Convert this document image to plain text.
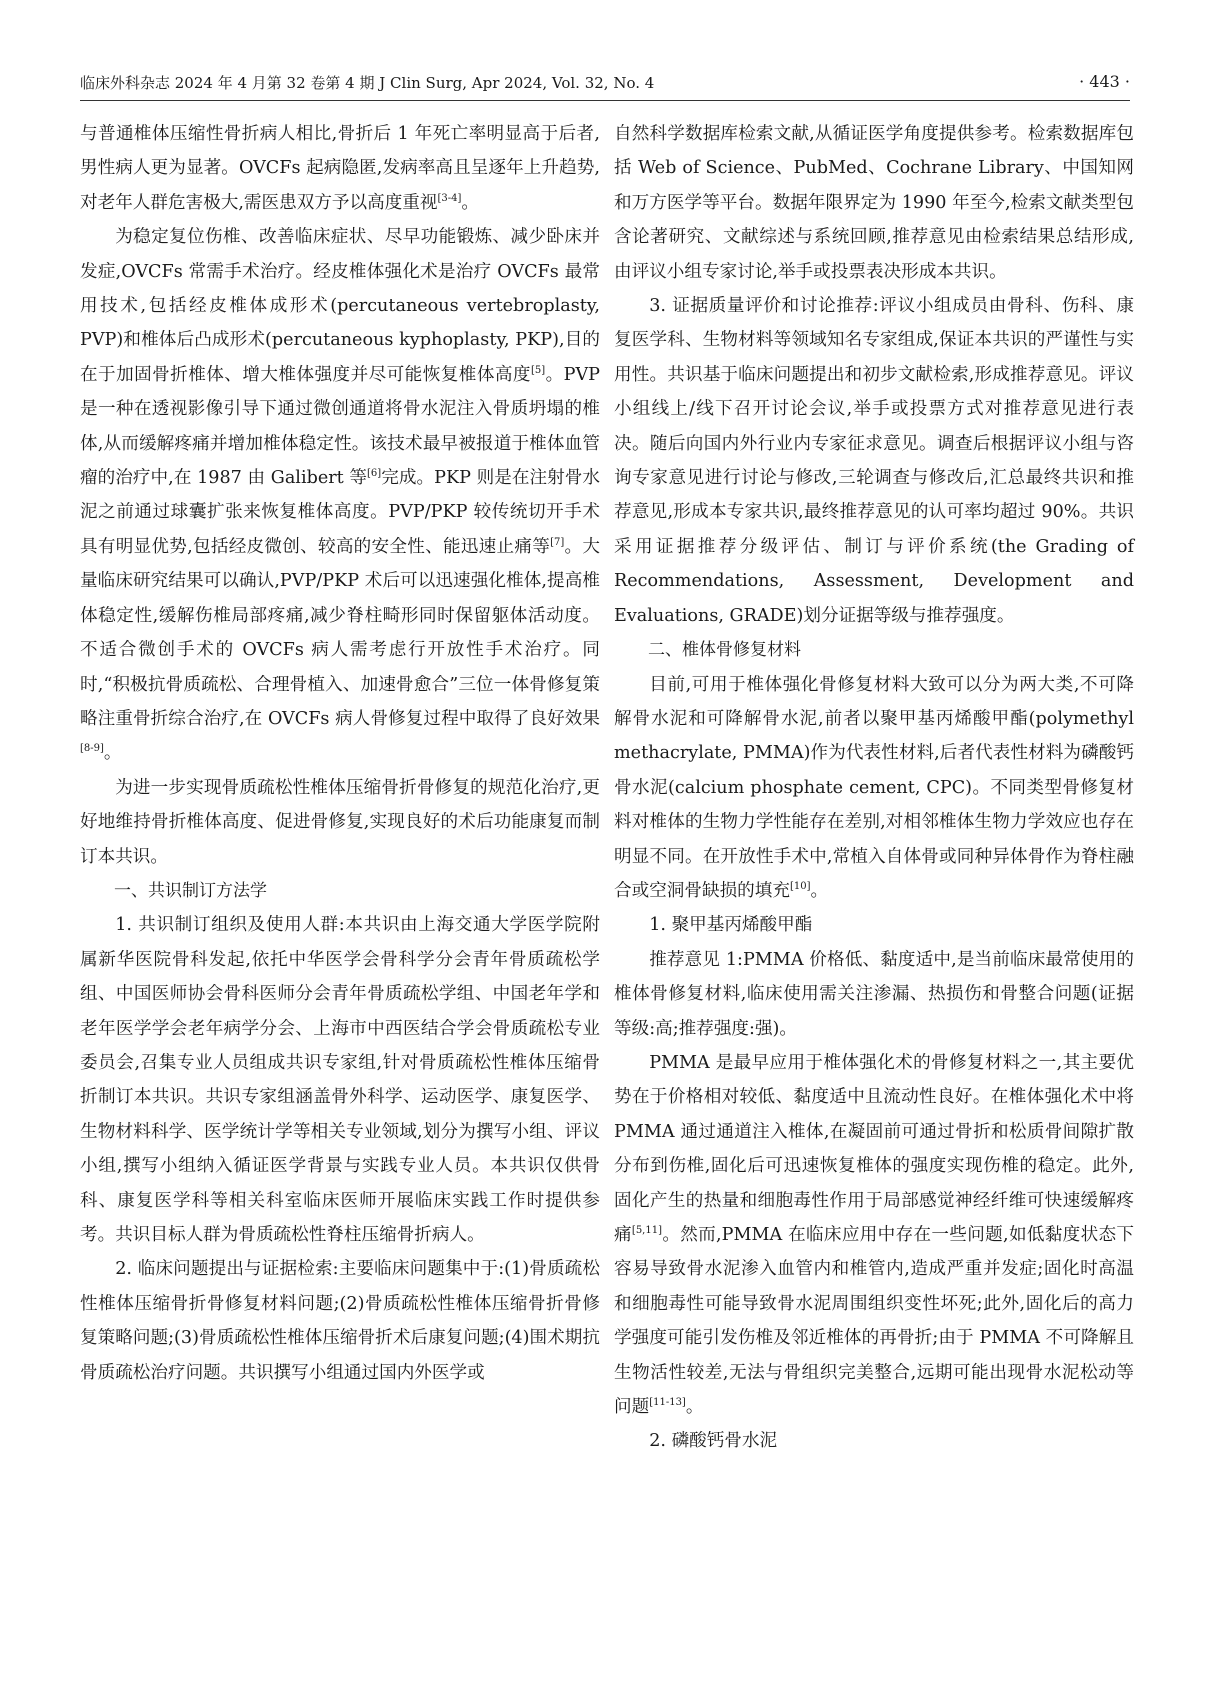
临床外科杂志 2024 年 4 月第 32 卷第 4 期 J Clin Surg, Apr 2024, Vol. 32, No. 4	· 443 ·

与普通椎体压缩性骨折病人相比,骨折后 1 年死亡率明显高于后者,男性病人更为显著。OVCFs 起病隐匿,发病率高且呈逐年上升趋势,对老年人群危害极大,需医患双方予以高度重视[3-4]。

为稳定复位伤椎、改善临床症状、尽早功能锻炼、减少卧床并发症,OVCFs 常需手术治疗。经皮椎体强化术是治疗 OVCFs 最常用技术,包括经皮椎体成形术(percutaneous vertebroplasty, PVP)和椎体后凸成形术(percutaneous kyphoplasty, PKP),目的在于加固骨折椎体、增大椎体强度并尽可能恢复椎体高度[5]。PVP 是一种在透视影像引导下通过微创通道将骨水泥注入骨质坍塌的椎体,从而缓解疼痛并增加椎体稳定性。该技术最早被报道于椎体血管瘤的治疗中,在 1987 由 Galibert 等[6]完成。PKP 则是在注射骨水泥之前通过球囊扩张来恢复椎体高度。PVP/PKP 较传统切开手术具有明显优势,包括经皮微创、较高的安全性、能迅速止痛等[7]。大量临床研究结果可以确认,PVP/PKP 术后可以迅速强化椎体,提高椎体稳定性,缓解伤椎局部疼痛,减少脊柱畸形同时保留躯体活动度。不适合微创手术的 OVCFs 病人需考虑行开放性手术治疗。同时,“积极抗骨质疏松、合理骨植入、加速骨愈合”三位一体骨修复策略注重骨折综合治疗,在 OVCFs 病人骨修复过程中取得了良好效果[8-9]。

为进一步实现骨质疏松性椎体压缩骨折骨修复的规范化治疗,更好地维持骨折椎体高度、促进骨修复,实现良好的术后功能康复而制订本共识。

一、共识制订方法学

1. 共识制订组织及使用人群:本共识由上海交通大学医学院附属新华医院骨科发起,依托中华医学会骨科学分会青年骨质疏松学组、中国医师协会骨科医师分会青年骨质疏松学组、中国老年学和老年医学学会老年病学分会、上海市中西医结合学会骨质疏松专业委员会,召集专业人员组成共识专家组,针对骨质疏松性椎体压缩骨折制订本共识。共识专家组涵盖骨外科学、运动医学、康复医学、生物材料科学、医学统计学等相关专业领域,划分为撰写小组、评议小组,撰写小组纳入循证医学背景与实践专业人员。本共识仅供骨科、康复医学科等相关科室临床医师开展临床实践工作时提供参考。共识目标人群为骨质疏松性脊柱压缩骨折病人。

2. 临床问题提出与证据检索:主要临床问题集中于:(1)骨质疏松性椎体压缩骨折骨修复材料问题;(2)骨质疏松性椎体压缩骨折骨修复策略问题;(3)骨质疏松性椎体压缩骨折术后康复问题;(4)围术期抗骨质疏松治疗问题。共识撰写小组通过国内外医学或

自然科学数据库检索文献,从循证医学角度提供参考。检索数据库包括 Web of Science、PubMed、Cochrane Library、中国知网和万方医学等平台。数据年限界定为 1990 年至今,检索文献类型包含论著研究、文献综述与系统回顾,推荐意见由检索结果总结形成,由评议小组专家讨论,举手或投票表决形成本共识。

3. 证据质量评价和讨论推荐:评议小组成员由骨科、伤科、康复医学科、生物材料等领域知名专家组成,保证本共识的严谨性与实用性。共识基于临床问题提出和初步文献检索,形成推荐意见。评议小组线上/线下召开讨论会议,举手或投票方式对推荐意见进行表决。随后向国内外行业内专家征求意见。调查后根据评议小组与咨询专家意见进行讨论与修改,三轮调查与修改后,汇总最终共识和推荐意见,形成本专家共识,最终推荐意见的认可率均超过 90%。共识采用证据推荐分级评估、制订与评价系统(the Grading of Recommendations, Assessment, Development and Evaluations, GRADE)划分证据等级与推荐强度。

二、椎体骨修复材料

目前,可用于椎体强化骨修复材料大致可以分为两大类,不可降解骨水泥和可降解骨水泥,前者以聚甲基丙烯酸甲酯(polymethyl methacrylate, PMMA)作为代表性材料,后者代表性材料为磷酸钙骨水泥(calcium phosphate cement, CPC)。不同类型骨修复材料对椎体的生物力学性能存在差别,对相邻椎体生物力学效应也存在明显不同。在开放性手术中,常植入自体骨或同种异体骨作为脊柱融合或空洞骨缺损的填充[10]。

1. 聚甲基丙烯酸甲酯

推荐意见 1:PMMA 价格低、黏度适中,是当前临床最常使用的椎体骨修复材料,临床使用需关注渗漏、热损伤和骨整合问题(证据等级:高;推荐强度:强)。

PMMA 是最早应用于椎体强化术的骨修复材料之一,其主要优势在于价格相对较低、黏度适中且流动性良好。在椎体强化术中将 PMMA 通过通道注入椎体,在凝固前可通过骨折和松质骨间隙扩散分布到伤椎,固化后可迅速恢复椎体的强度实现伤椎的稳定。此外,固化产生的热量和细胞毒性作用于局部感觉神经纤维可快速缓解疼痛[5,11]。然而,PMMA 在临床应用中存在一些问题,如低黏度状态下容易导致骨水泥渗入血管内和椎管内,造成严重并发症;固化时高温和细胞毒性可能导致骨水泥周围组织变性坏死;此外,固化后的高力学强度可能引发伤椎及邻近椎体的再骨折;由于 PMMA 不可降解且生物活性较差,无法与骨组织完美整合,远期可能出现骨水泥松动等问题[11-13]。

2. 磷酸钙骨水泥
